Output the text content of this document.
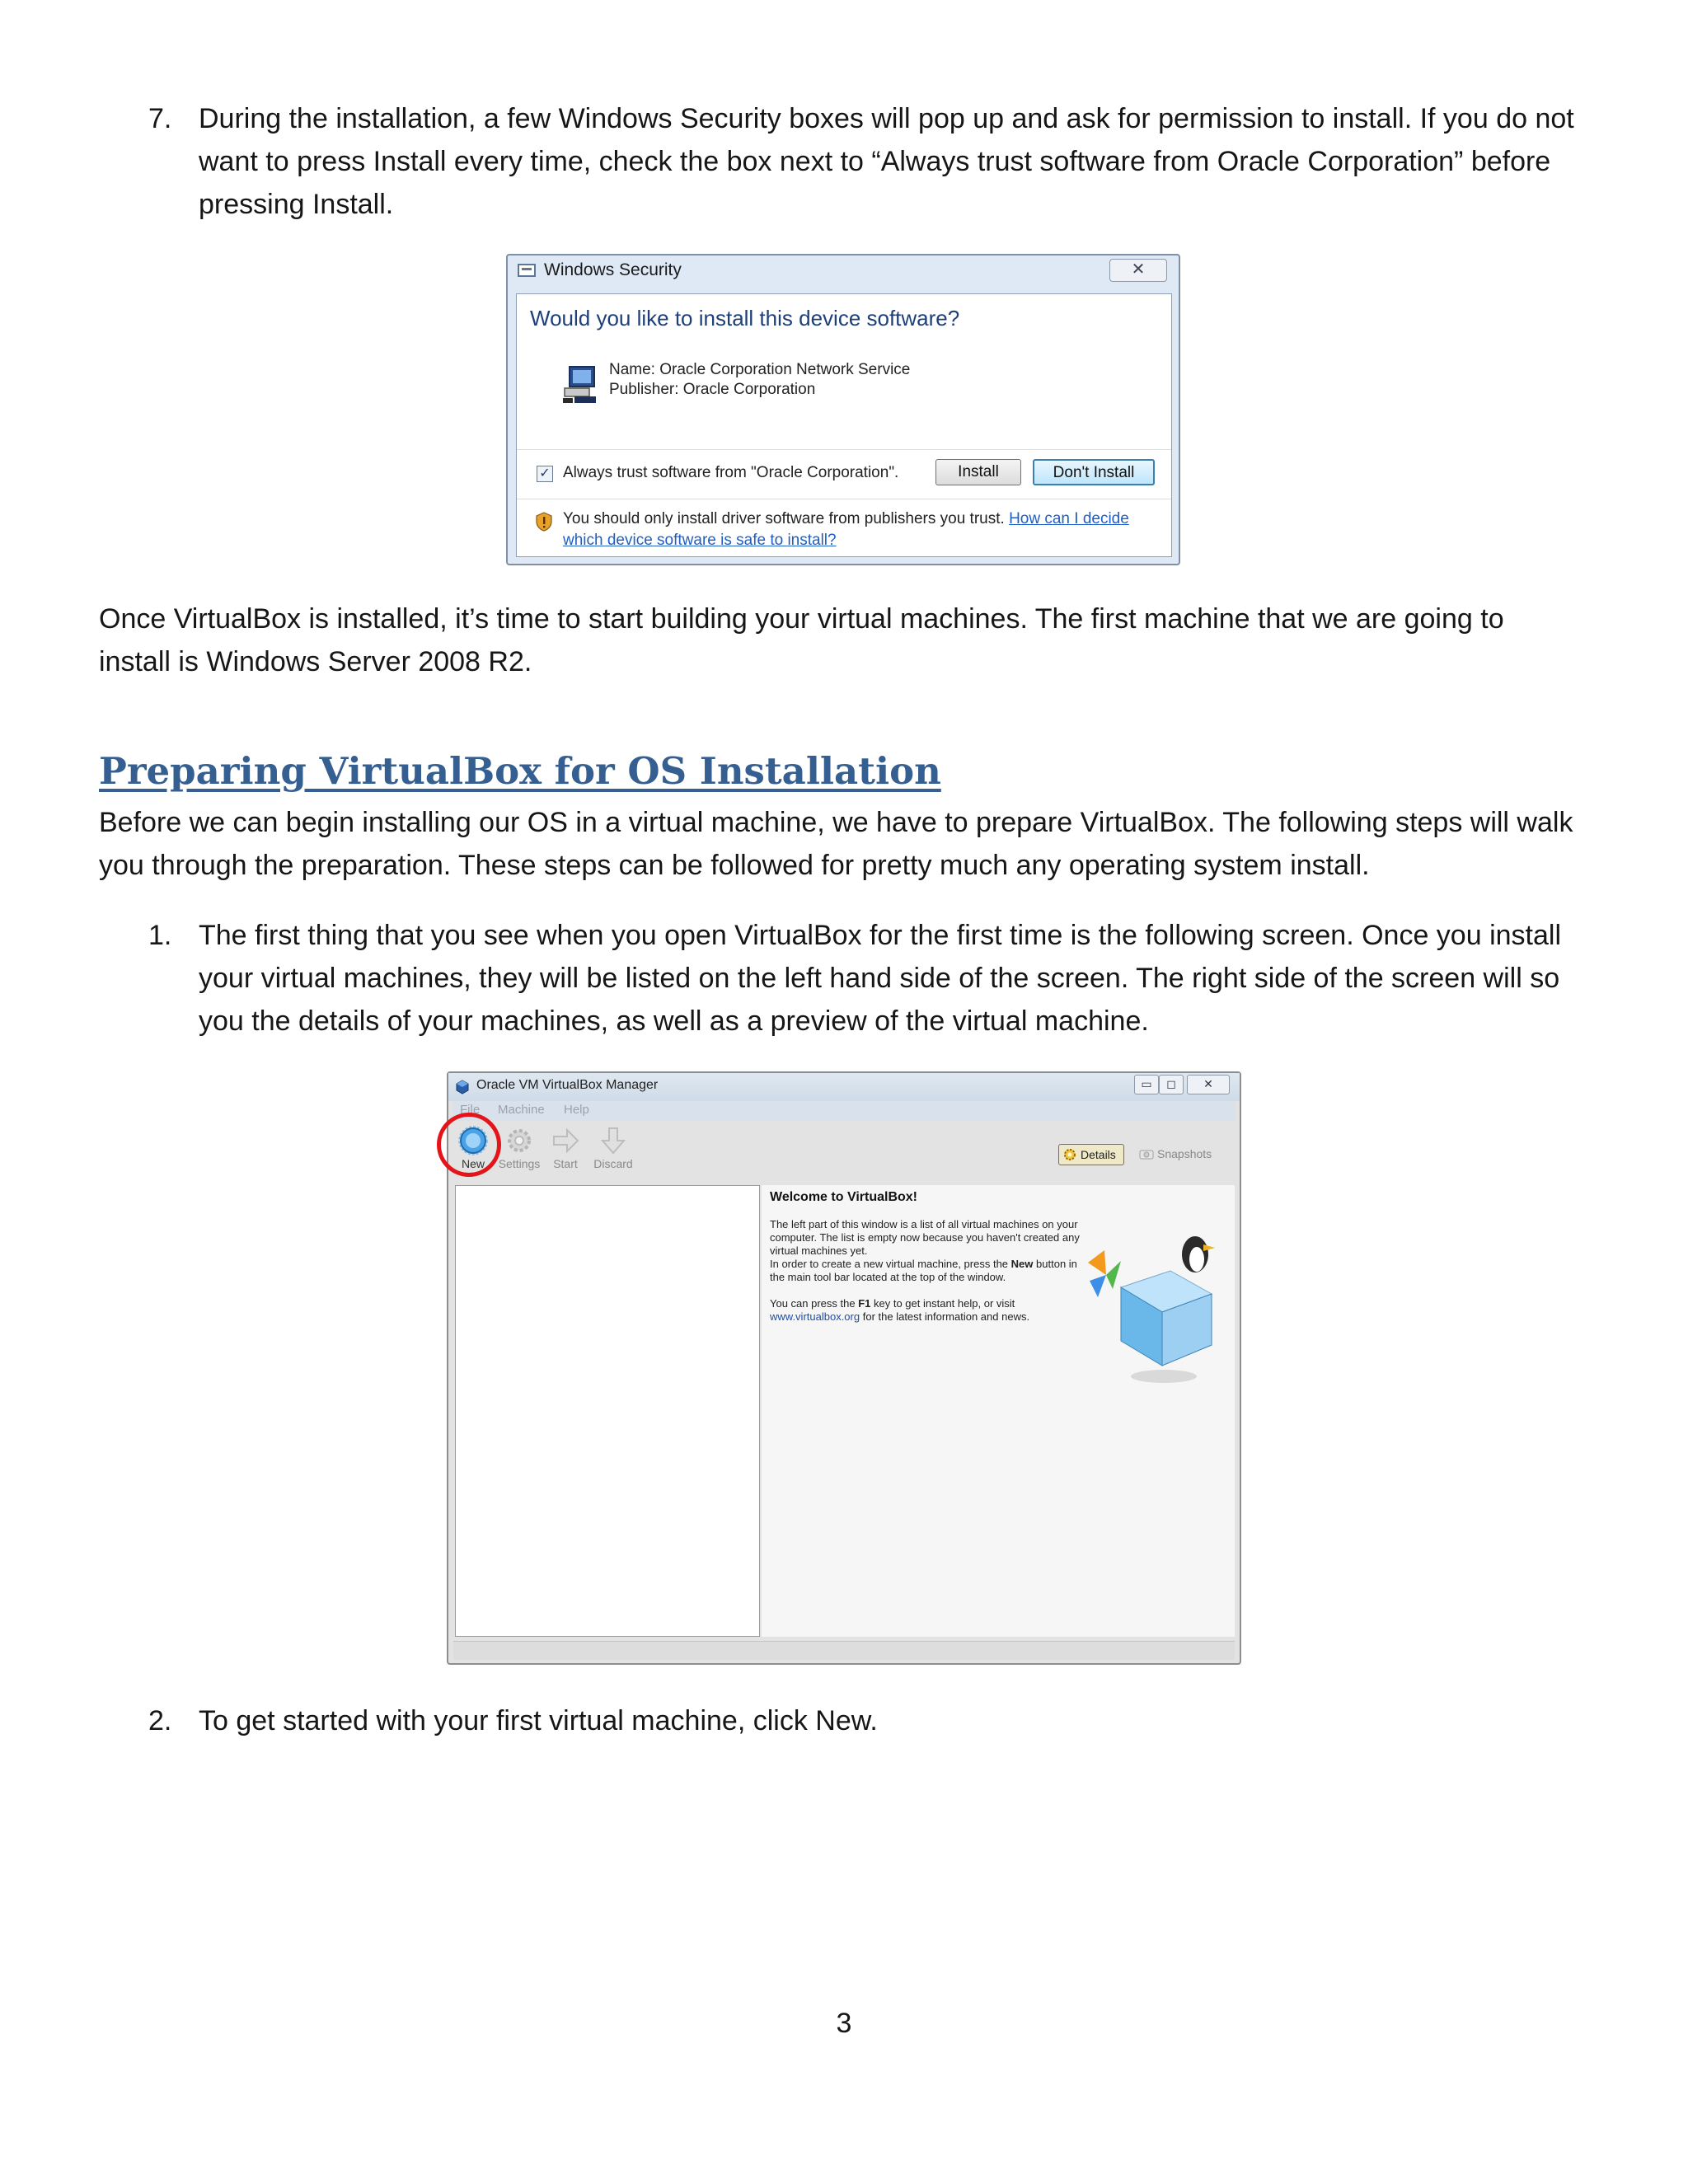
7. During the installation, a few Windows Security boxes will pop up and ask for permission to install. If you do not

want to press Install every time, check the box next to “Always trust software from Oracle Corporation” before

pressing Install.

Windows Security	✕
Would you like to install this device software?
Name: Oracle Corporation Network Service
Publisher: Oracle Corporation
✓ Always trust software from "Oracle Corporation".	Install	Don't Install
You should only install driver software from publishers you trust. How can I decide
which device software is safe to install?

Once VirtualBox is installed, it’s time to start building your virtual machines. The first machine that we are going to

install is Windows Server 2008 R2.

Preparing VirtualBox for OS Installation

Before we can begin installing our OS in a virtual machine, we have to prepare VirtualBox. The following steps will walk

you through the preparation. These steps can be followed for pretty much any operating system install.

1. The first thing that you see when you open VirtualBox for the first time is the following screen. Once you install

your virtual machines, they will be listed on the left hand side of the screen. The right side of the screen will so

you the details of your machines, as well as a preview of the virtual machine.

Oracle VM VirtualBox Manager	▭	◻	✕
File Machine Help
New	Settings	Start	Discard
Details	Snapshots
Welcome to VirtualBox!

The left part of this window is a list of all virtual machines on your computer. The list is empty now because you haven't created any virtual machines yet.

In order to create a new virtual machine, press the New button in the main tool bar located at the top of the window.

You can press the F1 key to get instant help, or visit www.virtualbox.org for the latest information and news.

2. To get started with your first virtual machine, click New.

3
